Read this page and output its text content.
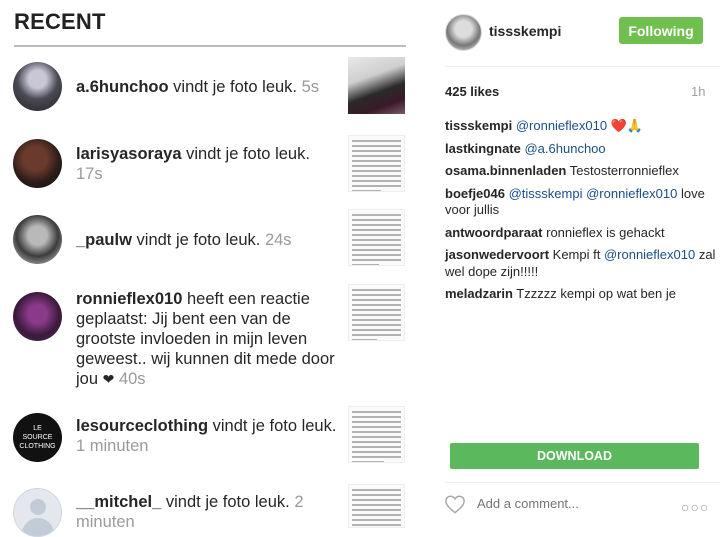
RECENT
a.6hunchoo vindt je foto leuk. 5s
larisyasoraya vindt je foto leuk. 17s
_paulw vindt je foto leuk. 24s
ronnieflex010 heeft een reactie geplaatst: Jij bent een van de grootste invloeden in mijn leven geweest.. wij kunnen dit mede door jou ❤ 40s
LE
SOURCE
CLOTHING
lesourceclothing vindt je foto leuk. 1 minuten
__mitchel_ vindt je foto leuk. 2 minuten
tissskempi	Following
425 likes	1h
tissskempi @ronnieflex010 ❤️🙏
lastkingnate @a.6hunchoo
osama.binnenladen Testosterronnieflex
boefje046 @tissskempi @ronnieflex010 love voor jullis
antwoordparaat ronnieflex is gehackt
jasonwedervoort Kempi ft @ronnieflex010 zal wel dope zijn!!!!!
meladzarin Tzzzzz kempi op wat ben je
DOWNLOAD
Add a comment...
○○○
